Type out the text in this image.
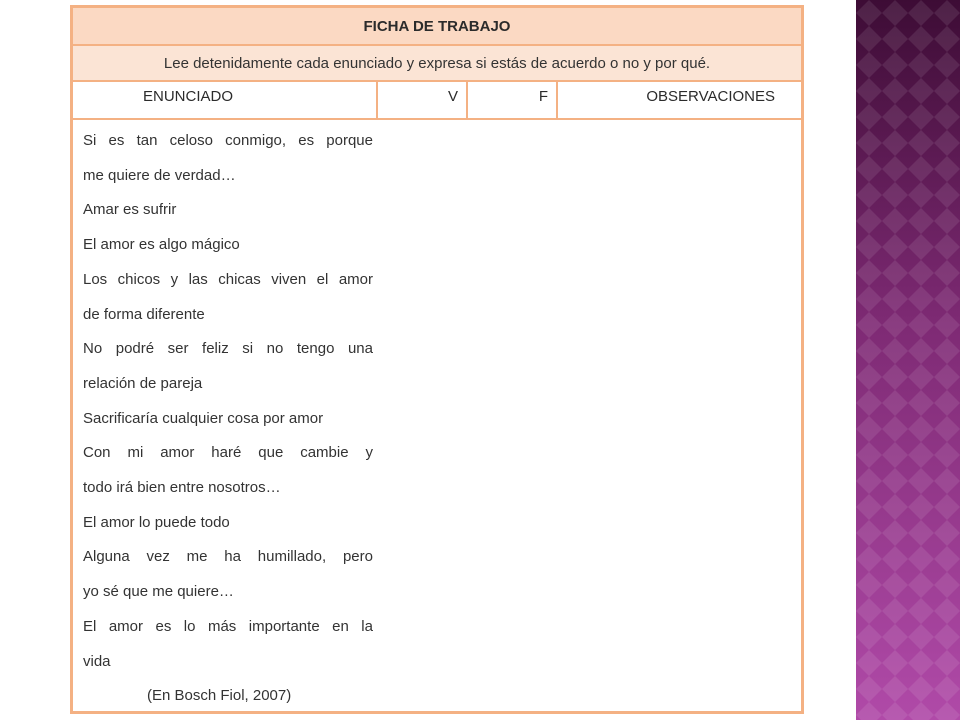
FICHA DE TRABAJO
Lee detenidamente cada enunciado y expresa si estás de acuerdo o no y por qué.
ENUNCIADO	V	F	OBSERVACIONES
Si es tan celoso conmigo, es porque
me quiere de verdad…
Amar es sufrir
El amor es algo mágico
Los chicos y las chicas viven el amor
de forma diferente
No podré ser feliz si no tengo una
relación de pareja
Sacrificaría cualquier cosa por amor
Con mi amor haré que cambie y
todo irá bien entre nosotros…
El amor lo puede todo
Alguna vez me ha humillado, pero
yo sé que me quiere…
El amor es lo más importante en la
vida
(En Bosch Fiol, 2007)
